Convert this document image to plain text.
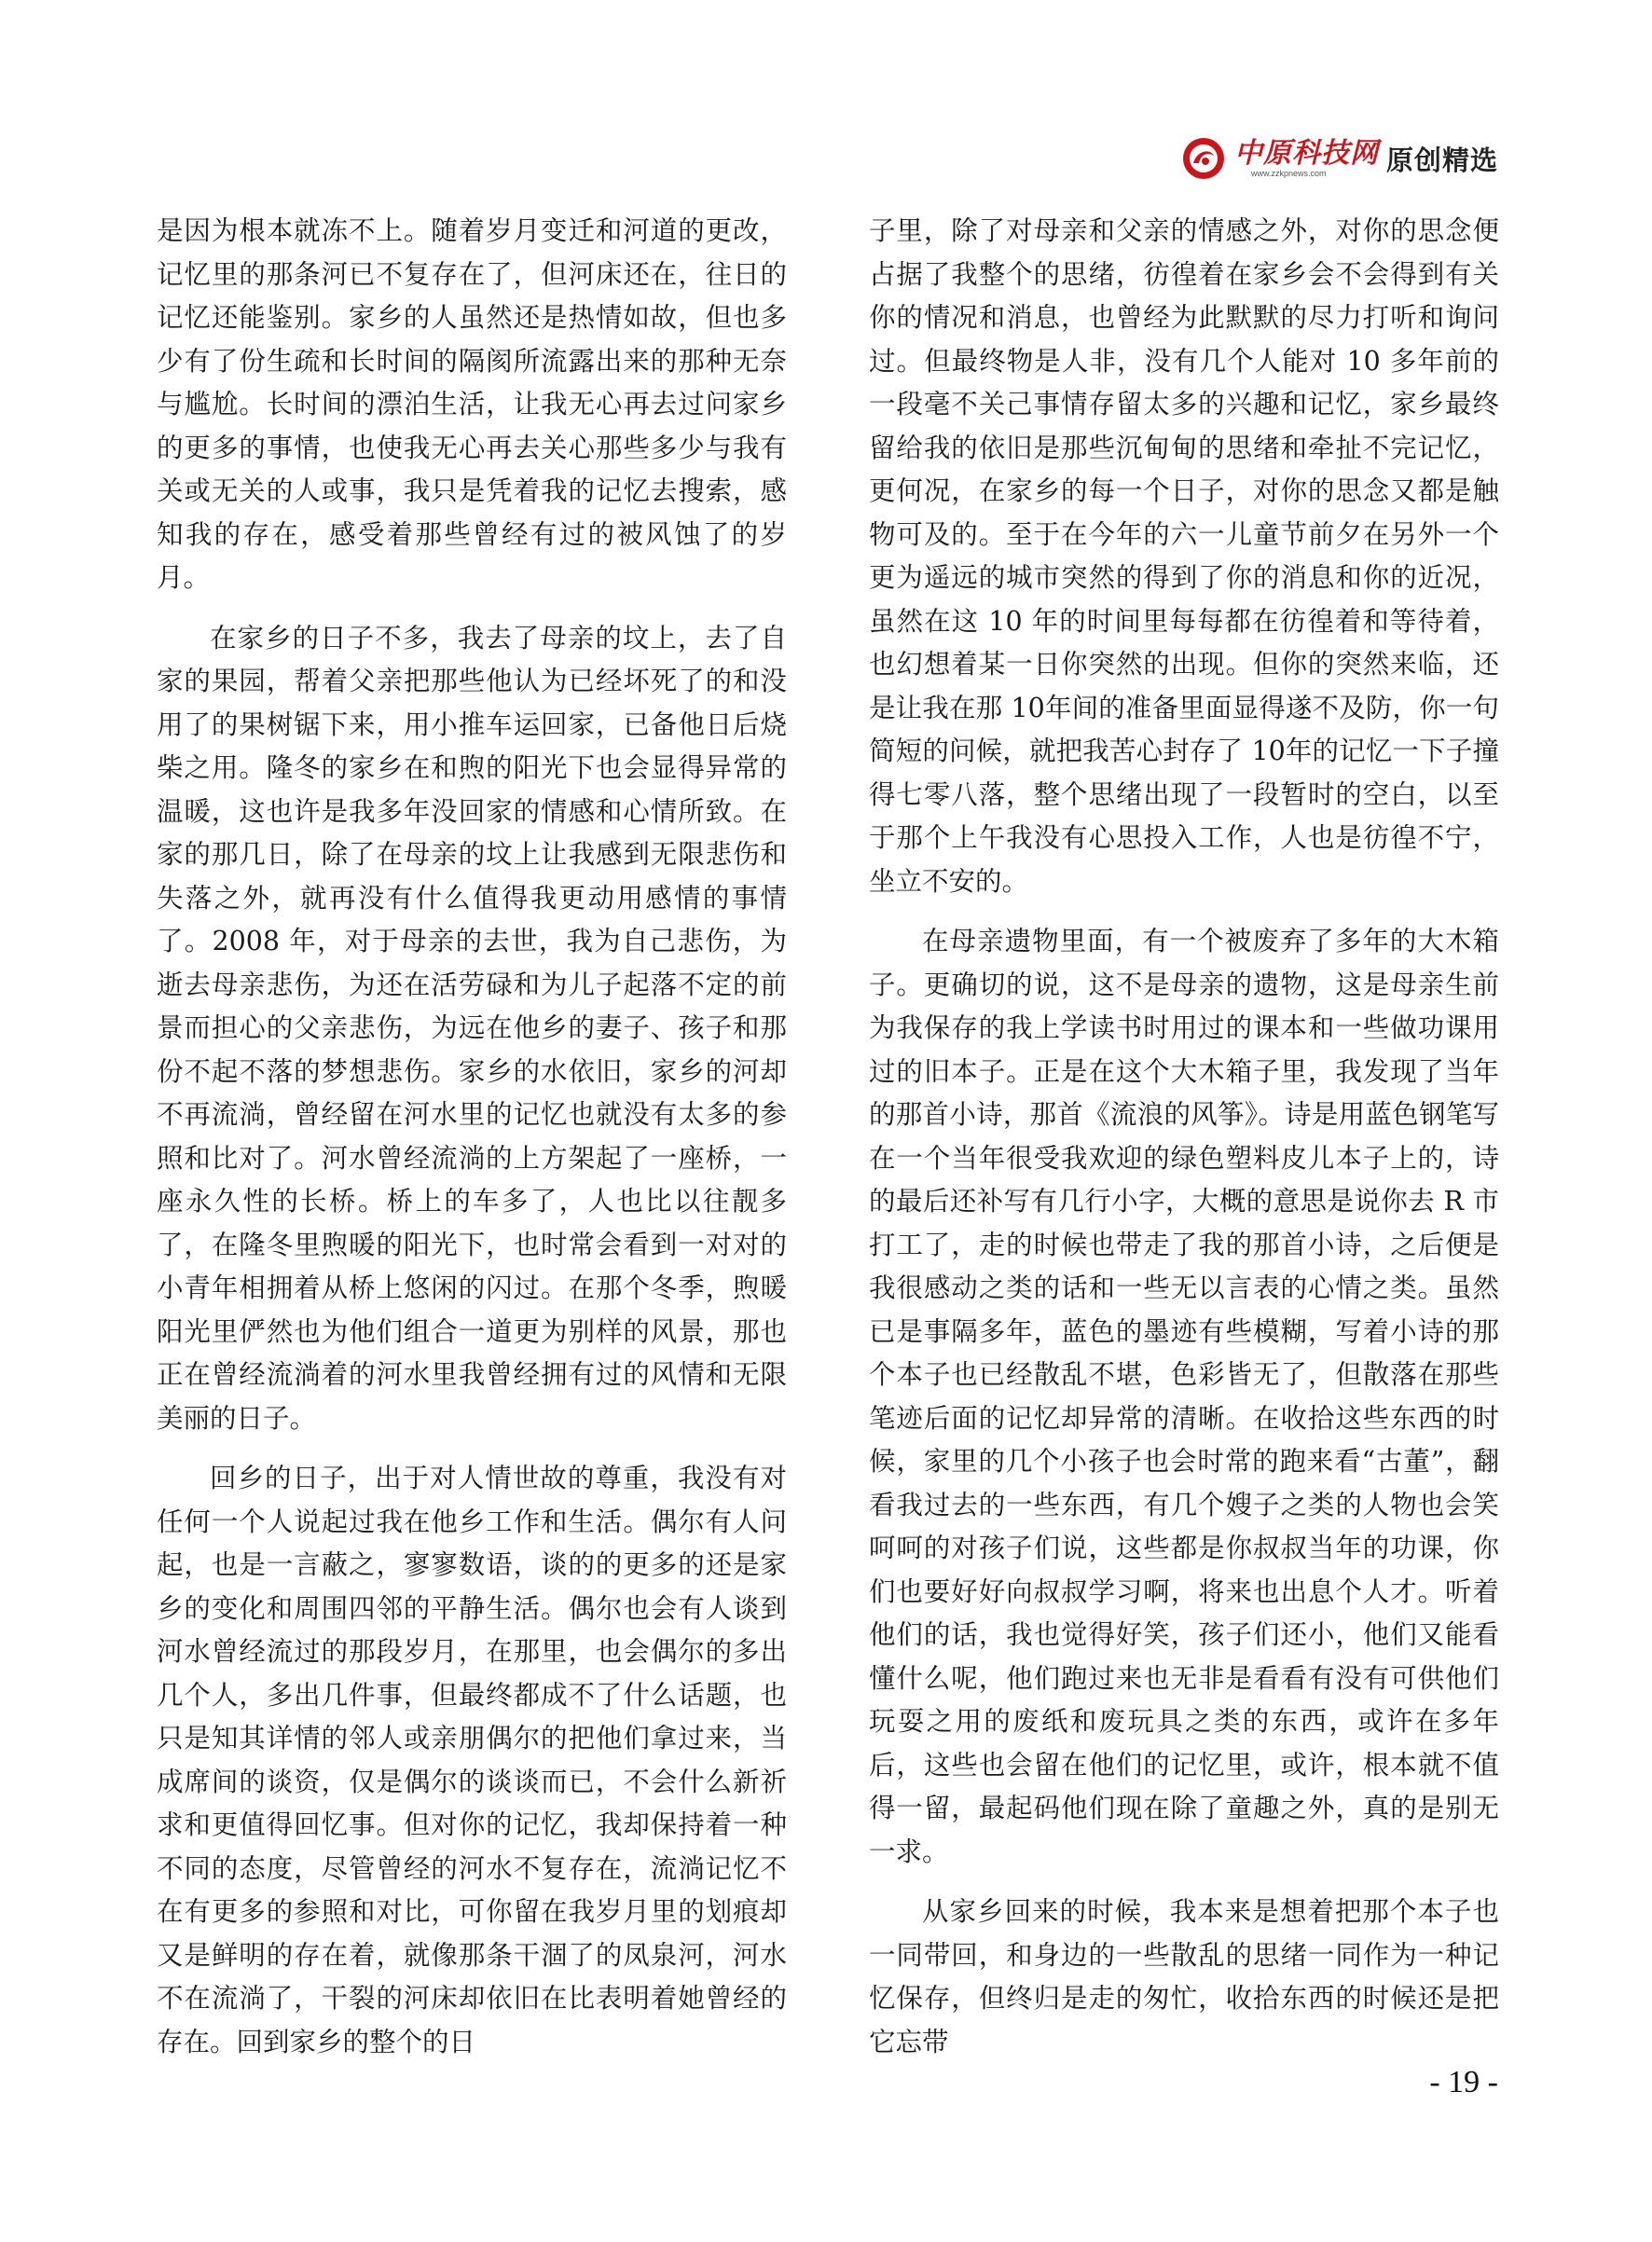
中原科技网
www.zzkpnews.com 原创精选

是因为根本就冻不上。随着岁月变迁和河道的更改，记忆里的那条河已不复存在了，但河床还在，往日的记忆还能鉴别。家乡的人虽然还是热情如故，但也多少有了份生疏和长时间的隔阂所流露出来的那种无奈与尴尬。长时间的漂泊生活，让我无心再去过问家乡的更多的事情，也使我无心再去关心那些多少与我有关或无关的人或事，我只是凭着我的记忆去搜索，感知我的存在，感受着那些曾经有过的被风蚀了的岁月。

在家乡的日子不多，我去了母亲的坟上，去了自家的果园，帮着父亲把那些他认为已经坏死了的和没用了的果树锯下来，用小推车运回家，已备他日后烧柴之用。隆冬的家乡在和煦的阳光下也会显得异常的温暖，这也许是我多年没回家的情感和心情所致。在家的那几日，除了在母亲的坟上让我感到无限悲伤和失落之外，就再没有什么值得我更动用感情的事情了。2008 年，对于母亲的去世，我为自己悲伤，为逝去母亲悲伤，为还在活劳碌和为儿子起落不定的前景而担心的父亲悲伤，为远在他乡的妻子、孩子和那份不起不落的梦想悲伤。家乡的水依旧，家乡的河却不再流淌，曾经留在河水里的记忆也就没有太多的参照和比对了。河水曾经流淌的上方架起了一座桥，一座永久性的长桥。桥上的车多了，人也比以往靓多了，在隆冬里煦暖的阳光下，也时常会看到一对对的小青年相拥着从桥上悠闲的闪过。在那个冬季，煦暖阳光里俨然也为他们组合一道更为别样的风景，那也正在曾经流淌着的河水里我曾经拥有过的风情和无限美丽的日子。

回乡的日子，出于对人情世故的尊重，我没有对任何一个人说起过我在他乡工作和生活。偶尔有人问起，也是一言蔽之，寥寥数语，谈的的更多的还是家乡的变化和周围四邻的平静生活。偶尔也会有人谈到河水曾经流过的那段岁月，在那里，也会偶尔的多出几个人，多出几件事，但最终都成不了什么话题，也只是知其详情的邻人或亲朋偶尔的把他们拿过来，当成席间的谈资，仅是偶尔的谈谈而已，不会什么新祈求和更值得回忆事。但对你的记忆，我却保持着一种不同的态度，尽管曾经的河水不复存在，流淌记忆不在有更多的参照和对比，可你留在我岁月里的划痕却又是鲜明的存在着，就像那条干涸了的凤泉河，河水不在流淌了，干裂的河床却依旧在比表明着她曾经的存在。回到家乡的整个的日

子里，除了对母亲和父亲的情感之外，对你的思念便占据了我整个的思绪，彷徨着在家乡会不会得到有关你的情况和消息，也曾经为此默默的尽力打听和询问过。但最终物是人非，没有几个人能对 10 多年前的一段毫不关己事情存留太多的兴趣和记忆，家乡最终留给我的依旧是那些沉甸甸的思绪和牵扯不完记忆，更何况，在家乡的每一个日子，对你的思念又都是触物可及的。至于在今年的六一儿童节前夕在另外一个更为遥远的城市突然的得到了你的消息和你的近况，虽然在这 10 年的时间里每每都在彷徨着和等待着，也幻想着某一日你突然的出现。但你的突然来临，还是让我在那 10年间的准备里面显得遂不及防，你一句简短的问候，就把我苦心封存了 10年的记忆一下子撞得七零八落，整个思绪出现了一段暂时的空白，以至于那个上午我没有心思投入工作，人也是彷徨不宁，坐立不安的。

在母亲遗物里面，有一个被废弃了多年的大木箱子。更确切的说，这不是母亲的遗物，这是母亲生前为我保存的我上学读书时用过的课本和一些做功课用过的旧本子。正是在这个大木箱子里，我发现了当年的那首小诗，那首《流浪的风筝》。诗是用蓝色钢笔写在一个当年很受我欢迎的绿色塑料皮儿本子上的，诗的最后还补写有几行小字，大概的意思是说你去 R 市打工了，走的时候也带走了我的那首小诗，之后便是我很感动之类的话和一些无以言表的心情之类。虽然已是事隔多年，蓝色的墨迹有些模糊，写着小诗的那个本子也已经散乱不堪，色彩皆无了，但散落在那些笔迹后面的记忆却异常的清晰。在收拾这些东西的时候，家里的几个小孩子也会时常的跑来看“古董”，翻看我过去的一些东西，有几个嫂子之类的人物也会笑呵呵的对孩子们说，这些都是你叔叔当年的功课，你们也要好好向叔叔学习啊，将来也出息个人才。听着他们的话，我也觉得好笑，孩子们还小，他们又能看懂什么呢，他们跑过来也无非是看看有没有可供他们玩耍之用的废纸和废玩具之类的东西，或许在多年后，这些也会留在他们的记忆里，或许，根本就不值得一留，最起码他们现在除了童趣之外，真的是别无一求。

从家乡回来的时候，我本来是想着把那个本子也一同带回，和身边的一些散乱的思绪一同作为一种记忆保存，但终归是走的匆忙，收拾东西的时候还是把它忘带

- 19 -
